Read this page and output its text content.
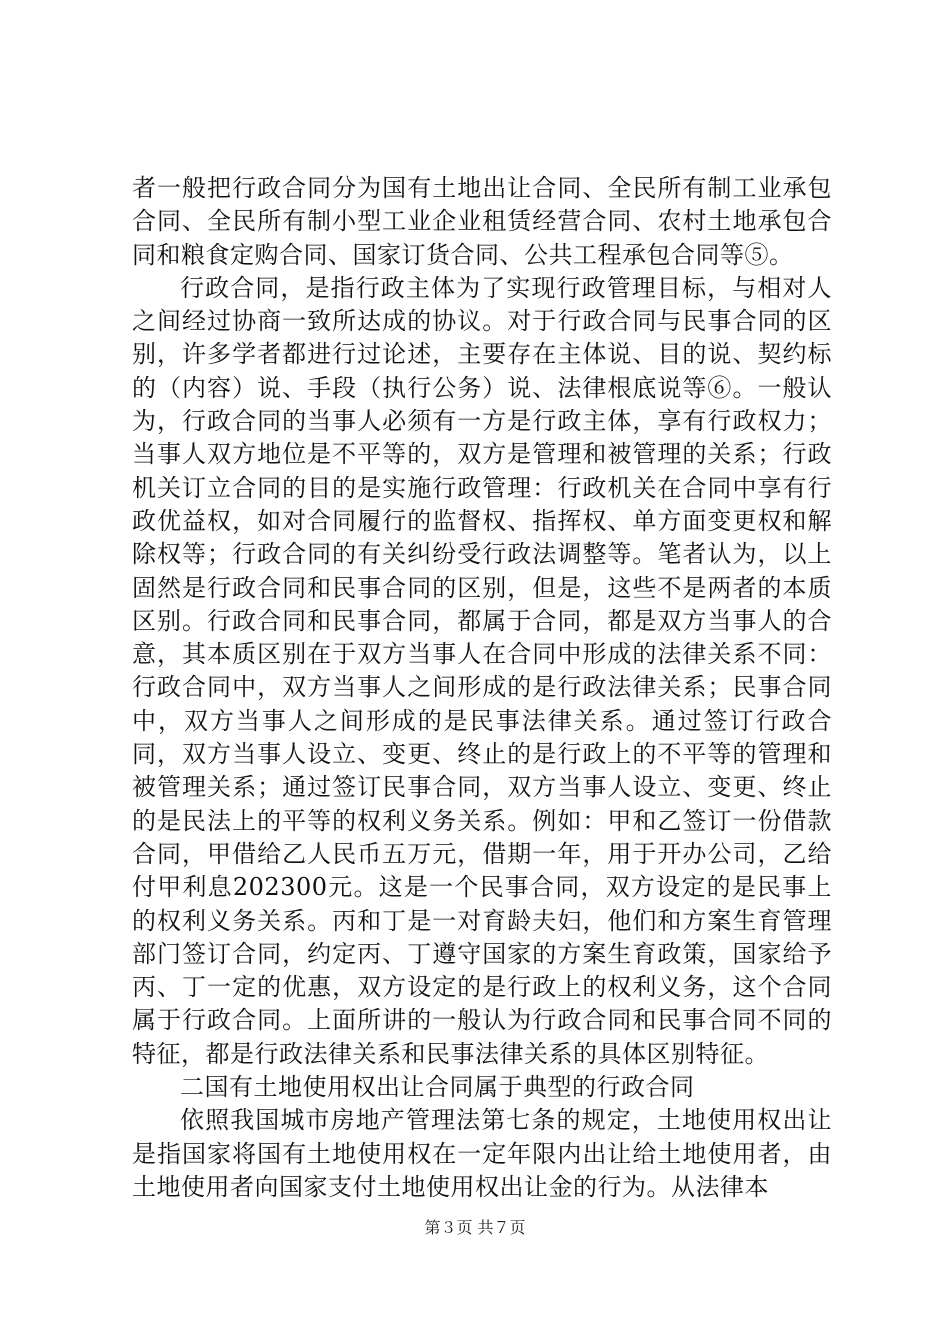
者一般把行政合同分为国有土地出让合同、全民所有制工业承包合同、全民所有制小型工业企业租赁经营合同、农村土地承包合同和粮食定购合同、国家订货合同、公共工程承包合同等⑤。

行政合同，是指行政主体为了实现行政管理目标，与相对人之间经过协商一致所达成的协议。对于行政合同与民事合同的区别，许多学者都进行过论述，主要存在主体说、目的说、契约标的（内容）说、手段（执行公务）说、法律根底说等⑥。一般认为，行政合同的当事人必须有一方是行政主体，享有行政权力；当事人双方地位是不平等的，双方是管理和被管理的关系；行政机关订立合同的目的是实施行政管理：行政机关在合同中享有行政优益权，如对合同履行的监督权、指挥权、单方面变更权和解除权等；行政合同的有关纠纷受行政法调整等。笔者认为，以上固然是行政合同和民事合同的区别，但是，这些不是两者的本质区别。行政合同和民事合同，都属于合同，都是双方当事人的合意，其本质区别在于双方当事人在合同中形成的法律关系不同：行政合同中，双方当事人之间形成的是行政法律关系；民事合同中，双方当事人之间形成的是民事法律关系。通过签订行政合同，双方当事人设立、变更、终止的是行政上的不平等的管理和被管理关系；通过签订民事合同，双方当事人设立、变更、终止的是民法上的平等的权利义务关系。例如：甲和乙签订一份借款合同，甲借给乙人民币五万元，借期一年，用于开办公司，乙给付甲利息202300元。这是一个民事合同，双方设定的是民事上的权利义务关系。丙和丁是一对育龄夫妇，他们和方案生育管理部门签订合同，约定丙、丁遵守国家的方案生育政策，国家给予丙、丁一定的优惠，双方设定的是行政上的权利义务，这个合同属于行政合同。上面所讲的一般认为行政合同和民事合同不同的特征，都是行政法律关系和民事法律关系的具体区别特征。

二国有土地使用权出让合同属于典型的行政合同

依照我国城市房地产管理法第七条的规定，土地使用权出让是指国家将国有土地使用权在一定年限内出让给土地使用者，由土地使用者向国家支付土地使用权出让金的行为。从法律本

第３页 共７页
